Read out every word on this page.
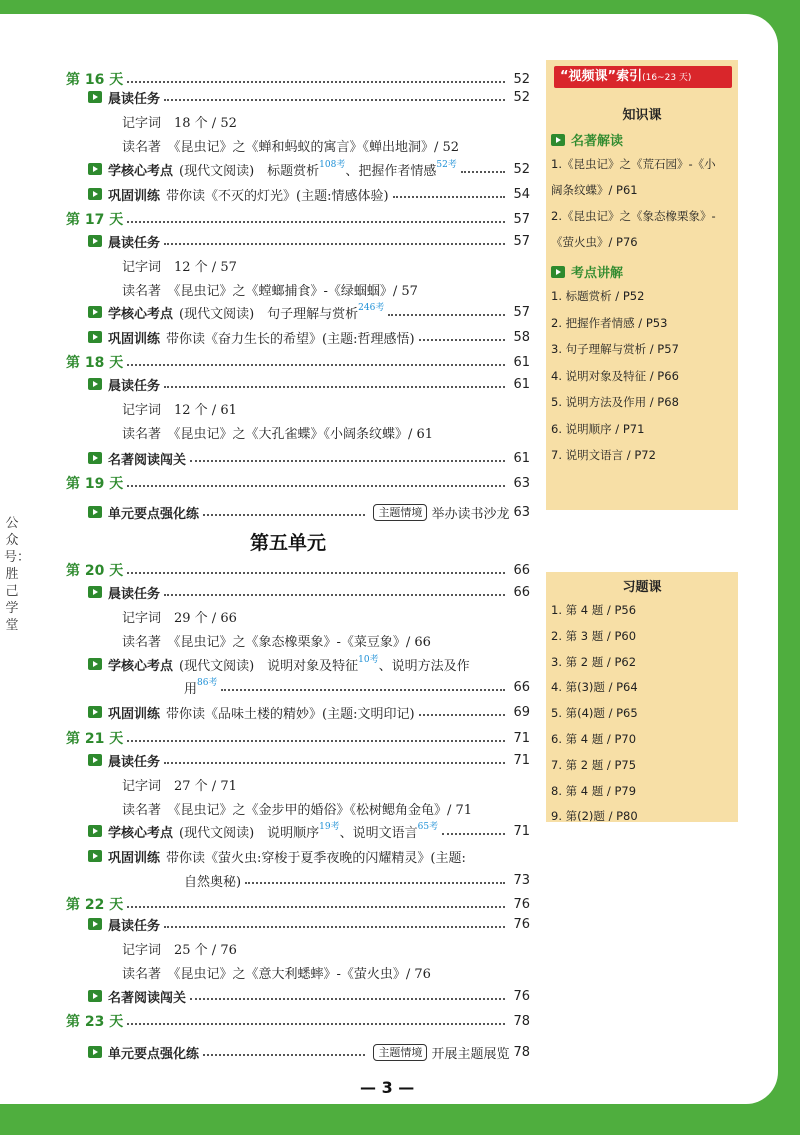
第 16 天	52
晨读任务	52
记字词　18 个 / 52
读名著　《昆虫记》之《蝉和蚂蚁的寓言》《蝉出地洞》/ 52
学核心考点 (现代文阅读)　标题赏析 108考 、把握作者情感 52考	52
巩固训练 带你读《不灭的灯光》(主题:情感体验)	54
第 17 天	57
晨读任务	57
记字词　12 个 / 57
读名著　《昆虫记》之《螳螂捕食》-《绿蝈蝈》/ 57
学核心考点 (现代文阅读)　句子理解与赏析 246考	57
巩固训练 带你读《奋力生长的希望》(主题:哲理感悟)	58
第 18 天	61
晨读任务	61
记字词　12 个 / 61
读名著　《昆虫记》之《大孔雀蝶》《小阔条纹蝶》/ 61
名著阅读闯关	61
第 19 天	63
单元要点强化练	主题情境 举办读书沙龙 63
第 20 天	66
晨读任务	66
记字词　29 个 / 66
读名著　《昆虫记》之《象态橡栗象》-《菜豆象》/ 66
学核心考点 (现代文阅读)　说明对象及特征 10考 、说明方法及作
用 86考	66
巩固训练 带你读《品味土楼的精妙》(主题:文明印记)	69
第 21 天	71
晨读任务	71
记字词　27 个 / 71
读名著　《昆虫记》之《金步甲的婚俗》《松树鳃角金龟》/ 71
学核心考点 (现代文阅读)　说明顺序 19考 、说明文语言 65考	71
巩固训练 带你读《萤火虫:穿梭于夏季夜晚的闪耀精灵》(主题:
自然奥秘)	73
第 22 天	76
晨读任务	76
记字词　25 个 / 76
读名著　《昆虫记》之《意大利蟋蟀》-《萤火虫》/ 76
名著阅读闯关	76
第 23 天	78
单元要点强化练	主题情境 开展主题展览 78
第五单元
“视频课”索引(16~23 天)
知识课
名著解读
1.《昆虫记》之《荒石园》-《小
阔条纹蝶》/ P61
2.《昆虫记》之《象态橡栗象》-
《萤火虫》/ P76
考点讲解
1. 标题赏析 / P52
2. 把握作者情感 / P53
3. 句子理解与赏析 / P57
4. 说明对象及特征 / P66
5. 说明方法及作用 / P68
6. 说明顺序 / P71
7. 说明文语言 / P72
习题课
1. 第 4 题 / P56
2. 第 3 题 / P60
3. 第 2 题 / P62
4. 第(3)题 / P64
5. 第(4)题 / P65
6. 第 4 题 / P70
7. 第 2 题 / P75
8. 第 4 题 / P79
9. 第(2)题 / P80
公众号：胜己学堂
— 3 —
